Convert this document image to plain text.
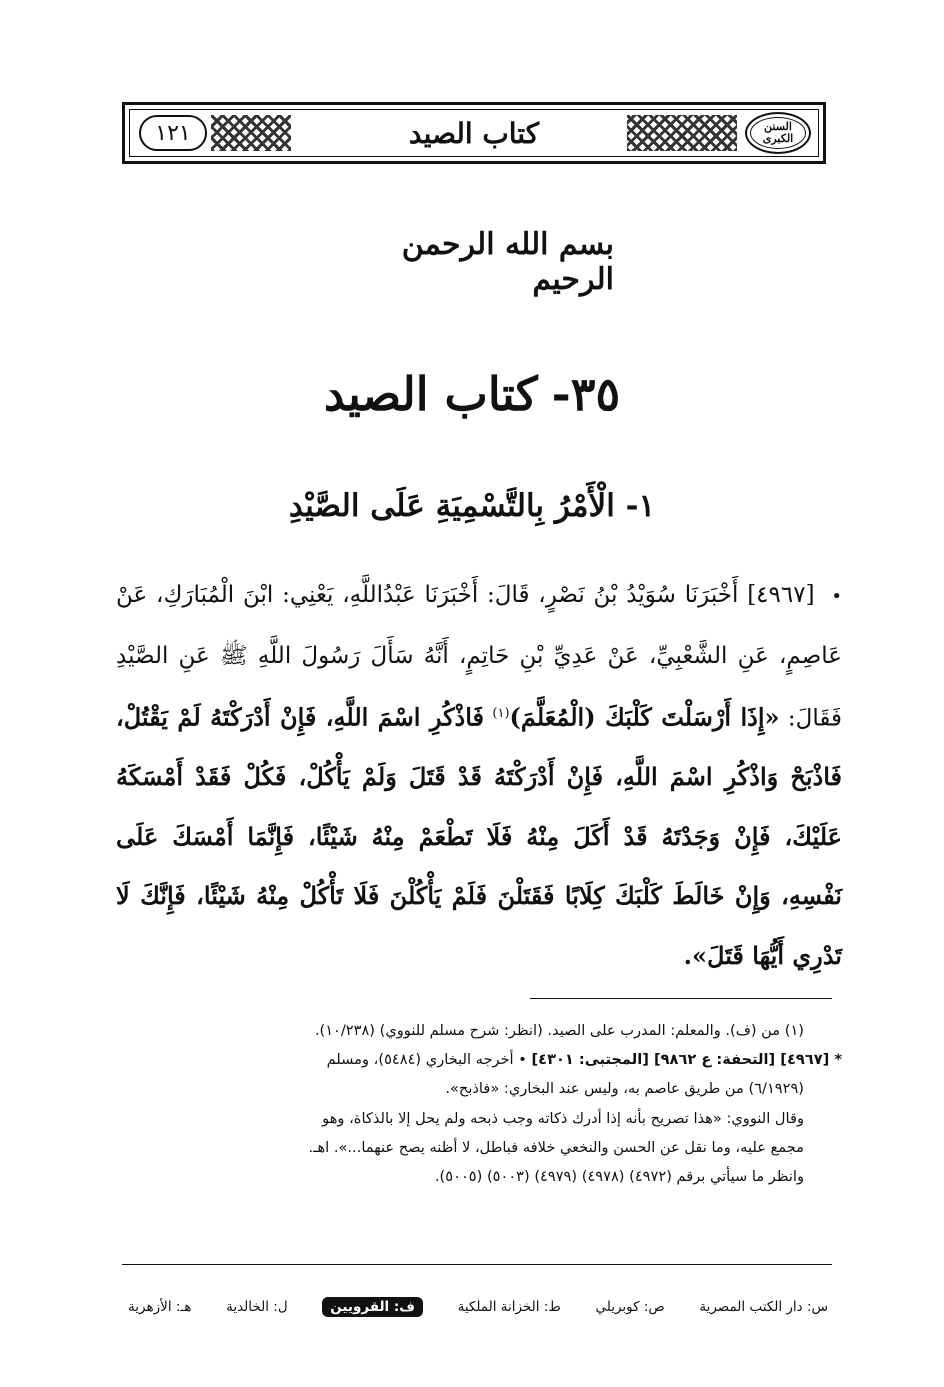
السنن الكبرى
كتاب الصيد
١٢١
بسم الله الرحمن الرحيم
٣٥-
كتاب الصيد
١- الْأَمْرُ بِالتَّسْمِيَةِ عَلَى الصَّيْدِ
• [٤٩٦٧] أَخْبَرَنَا سُوَيْدُ بْنُ نَصْرٍ، قَالَ: أَخْبَرَنَا عَبْدُاللَّهِ، يَعْنِي: ابْنَ الْمُبَارَكِ، عَنْ عَاصِمٍ، عَنِ الشَّعْبِيِّ، عَنْ عَدِيِّ بْنِ حَاتِمٍ، أَنَّهُ سَأَلَ رَسُولَ اللَّهِ ﷺ عَنِ الصَّيْدِ فَقَالَ: «إِذَا أَرْسَلْتَ كَلْبَكَ (الْمُعَلَّمَ)$^{(١)}$ فَاذْكُرِ اسْمَ اللَّهِ، فَإِنْ أَدْرَكْتَهُ لَمْ يَقْتُلْ، فَاذْبَحْ وَاذْكُرِ اسْمَ اللَّهِ، فَإِنْ أَدْرَكْتَهُ قَدْ قَتَلَ وَلَمْ يَأْكُلْ، فَكُلْ فَقَدْ أَمْسَكَهُ عَلَيْكَ، فَإِنْ وَجَدْتَهُ قَدْ أَكَلَ مِنْهُ فَلَا تَطْعَمْ مِنْهُ شَيْئًا، فَإِنَّمَا أَمْسَكَ عَلَى نَفْسِهِ، وَإِنْ خَالَطَ كَلْبَكَ كِلَابًا فَقَتَلْنَ فَلَمْ يَأْكُلْنَ فَلَا تَأْكُلْ مِنْهُ شَيْئًا، فَإِنَّكَ لَا تَدْرِي أَيُّهَا قَتَلَ».

(١) من (ف). والمعلم: المدرب على الصيد. (انظر: شرح مسلم للنووي) (١٠/٢٣٨).

* [٤٩٦٧] [التحفة: ع ٩٨٦٢] [المجتبى: ٤٣٠١] • أخرجه البخاري (٥٤٨٤)، ومسلم

(٦/١٩٢٩) من طريق عاصم به، وليس عند البخاري: «فاذبح».

وقال النووي: «هذا تصريح بأنه إذا أدرك ذكاته وجب ذبحه ولم يحل إلا بالذكاة، وهو

مجمع عليه، وما نقل عن الحسن والنخعي خلافه فباطل، لا أظنه يصح عنهما...». اهـ.

وانظر ما سيأتي برقم (٤٩٧٢) (٤٩٧٨) (٤٩٧٩) (٥٠٠٣) (٥٠٠٥).

س: دار الكتب المصرية
ص: كوبريلي
ط: الخزانة الملكية
ف: القرويين
ل: الخالدية
هـ: الأزهرية
